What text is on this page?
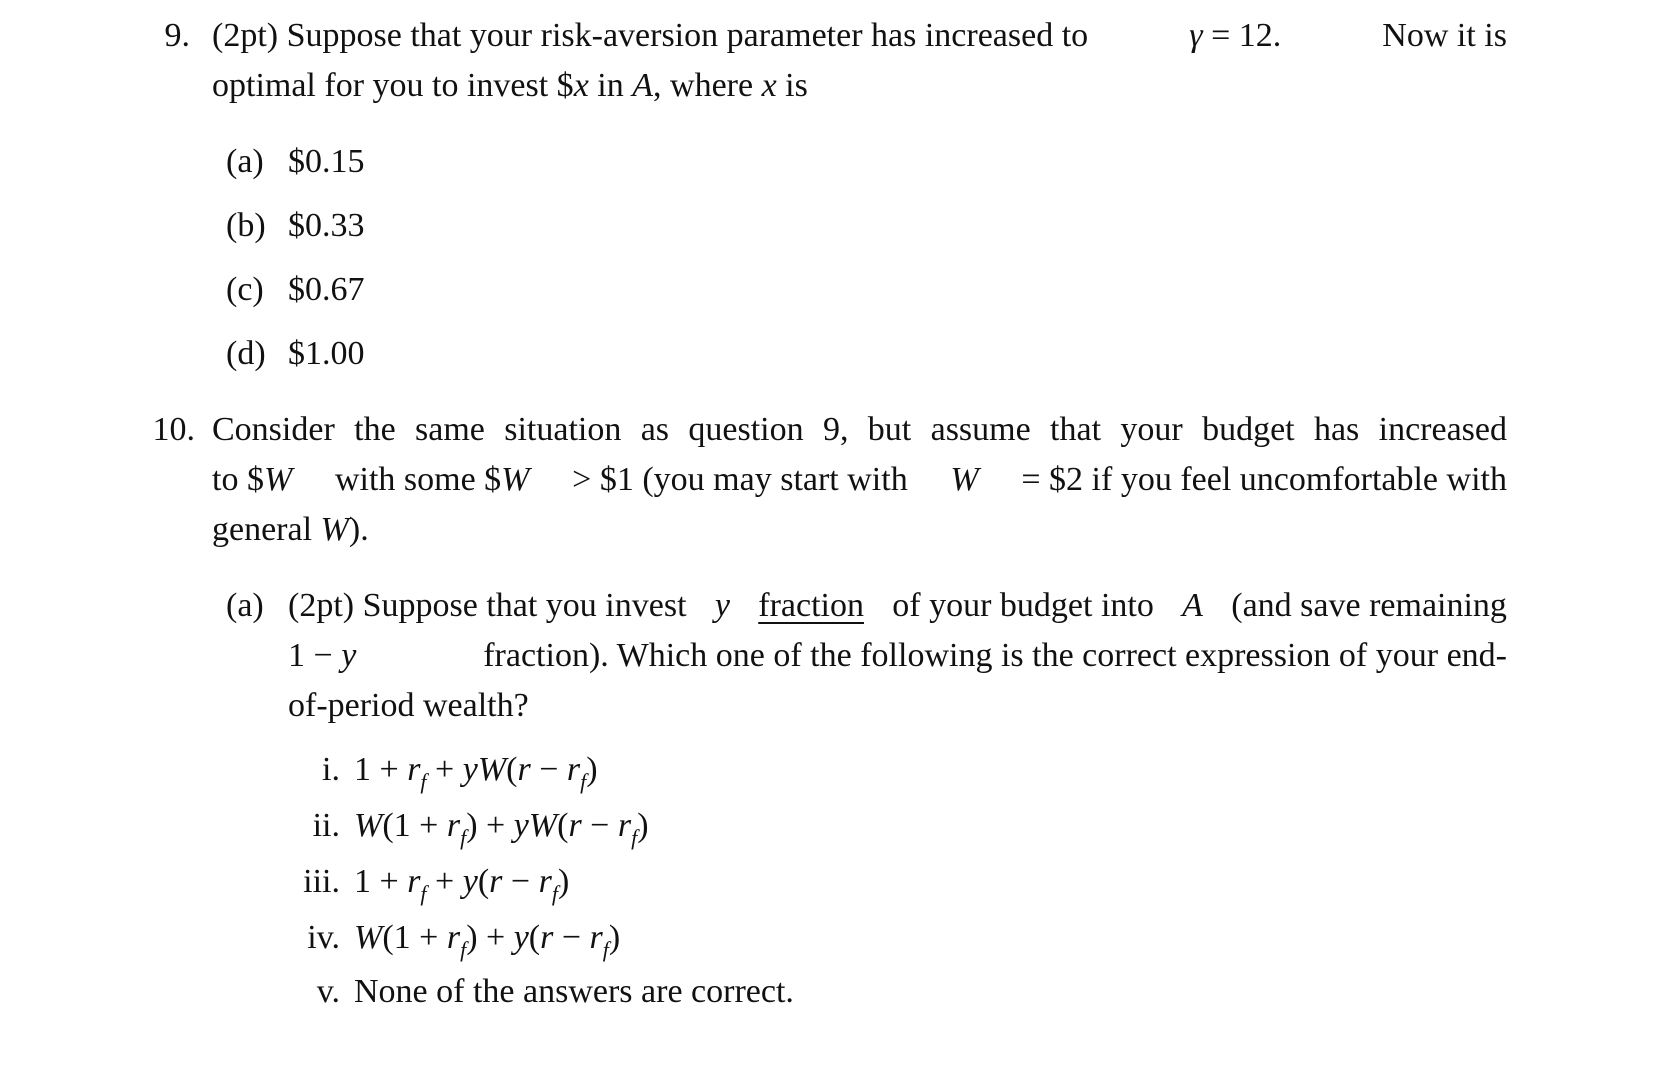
9. (2pt) Suppose that your risk-aversion parameter has increased to	γ = 12.	Now it is
optimal for you to invest $x in A, where x is
(a) $0.15
(b) $0.33
(c) $0.67
(d) $1.00
10. Consider the same situation as question 9, but assume that your budget has increased
to $W with some $W > $1 (you may start with W = $2 if you feel uncomfortable with
general W).
(a) (2pt) Suppose that you invest y fraction of your budget into A (and save remaining
1 − y	fraction). Which one of the following is the correct expression of your end-
of-period wealth?
i. $1 + r_f + yW(r - r_f)$
ii. $W(1 + r_f) + yW(r - r_f)$
iii. $1 + r_f + y(r - r_f)$
iv. $W(1 + r_f) + y(r - r_f)$
v. None of the answers are correct.
